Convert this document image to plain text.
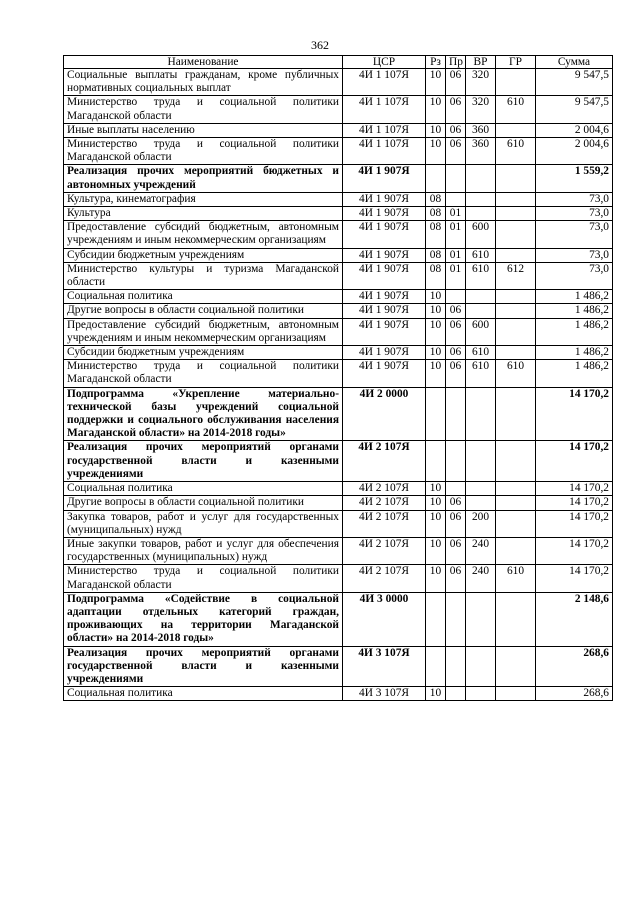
362
Наименование	ЦСР	Рз	Пр	ВР	ГР	Сумма
Социальные выплаты гражданам, кроме публичных нормативных социальных выплат	4И 1 107Я	10	06	320		9 547,5
Министерство труда и социальной политики Магаданской области	4И 1 107Я	10	06	320	610	9 547,5
Иные выплаты населению	4И 1 107Я	10	06	360		2 004,6
Министерство труда и социальной политики Магаданской области	4И 1 107Я	10	06	360	610	2 004,6
Реализация прочих мероприятий бюджетных и автономных учреждений	4И 1 907Я					1 559,2
Культура, кинематография	4И 1 907Я	08				73,0
Культура	4И 1 907Я	08	01			73,0
Предоставление субсидий бюджетным, автономным учреждениям и иным некоммерческим организациям	4И 1 907Я	08	01	600		73,0
Субсидии бюджетным учреждениям	4И 1 907Я	08	01	610		73,0
Министерство культуры и туризма Магаданской области	4И 1 907Я	08	01	610	612	73,0
Социальная политика	4И 1 907Я	10				1 486,2
Другие вопросы в области социальной политики	4И 1 907Я	10	06			1 486,2
Предоставление субсидий бюджетным, автономным учреждениям и иным некоммерческим организациям	4И 1 907Я	10	06	600		1 486,2
Субсидии бюджетным учреждениям	4И 1 907Я	10	06	610		1 486,2
Министерство труда и социальной политики Магаданской области	4И 1 907Я	10	06	610	610	1 486,2
Подпрограмма «Укрепление материально-технической базы учреждений социальной поддержки и социального обслуживания населения Магаданской области» на 2014-2018 годы»	4И 2 0000					14 170,2
Реализация прочих мероприятий органами государственной власти и казенными учреждениями	4И 2 107Я					14 170,2
Социальная политика	4И 2 107Я	10				14 170,2
Другие вопросы в области социальной политики	4И 2 107Я	10	06			14 170,2
Закупка товаров, работ и услуг для государственных (муниципальных) нужд	4И 2 107Я	10	06	200		14 170,2
Иные закупки товаров, работ и услуг для обеспечения государственных (муниципальных) нужд	4И 2 107Я	10	06	240		14 170,2
Министерство труда и социальной политики Магаданской области	4И 2 107Я	10	06	240	610	14 170,2
Подпрограмма «Содействие в социальной адаптации отдельных категорий граждан, проживающих на территории Магаданской области» на 2014-2018 годы»	4И 3 0000					2 148,6
Реализация прочих мероприятий органами государственной власти и казенными учреждениями	4И 3 107Я					268,6
Социальная политика	4И 3 107Я	10				268,6
